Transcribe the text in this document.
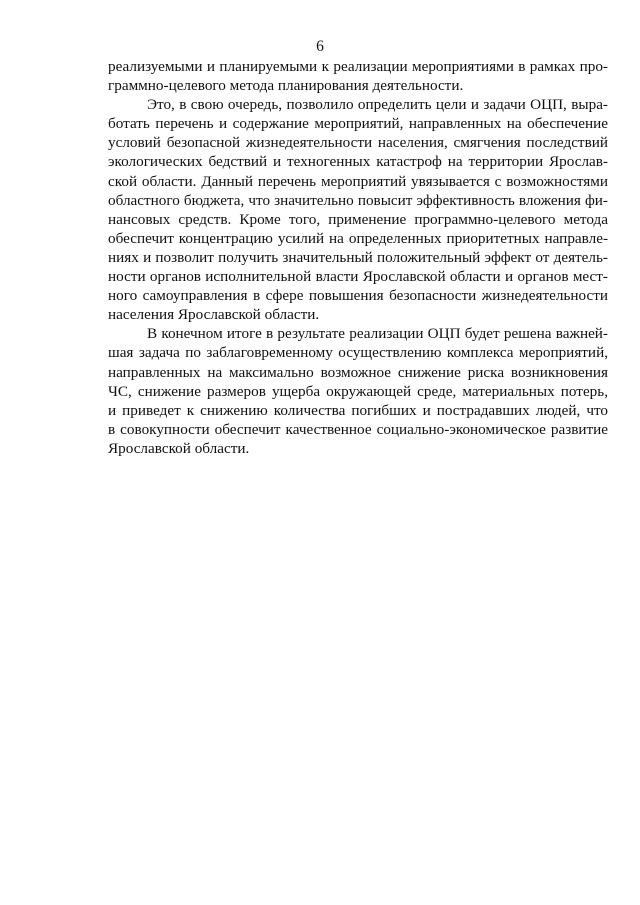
6

реализуемыми и планируемыми к реализации мероприятиями в рамках про-
граммно-целевого метода планирования деятельности.

Это, в свою очередь, позволило определить цели и задачи ОЦП, выра-
ботать перечень и содержание мероприятий, направленных на обеспечение
условий безопасной жизнедеятельности населения, смягчения последствий
экологических бедствий и техногенных катастроф на территории Ярослав-
ской области. Данный перечень мероприятий увязывается с возможностями
областного бюджета, что значительно повысит эффективность вложения фи-
нансовых средств. Кроме того, применение программно-целевого метода
обеспечит концентрацию усилий на определенных приоритетных направле-
ниях и позволит получить значительный положительный эффект от деятель-
ности органов исполнительной власти Ярославской области и органов мест-
ного самоуправления в сфере повышения безопасности жизнедеятельности
населения Ярославской области.

В конечном итоге в результате реализации ОЦП будет решена важней-
шая задача по заблаговременному осуществлению комплекса мероприятий,
направленных на максимально возможное снижение риска возникновения
ЧС, снижение размеров ущерба окружающей среде, материальных потерь,
и приведет к снижению количества погибших и пострадавших людей, что
в совокупности обеспечит качественное социально-экономическое развитие
Ярославской области.
